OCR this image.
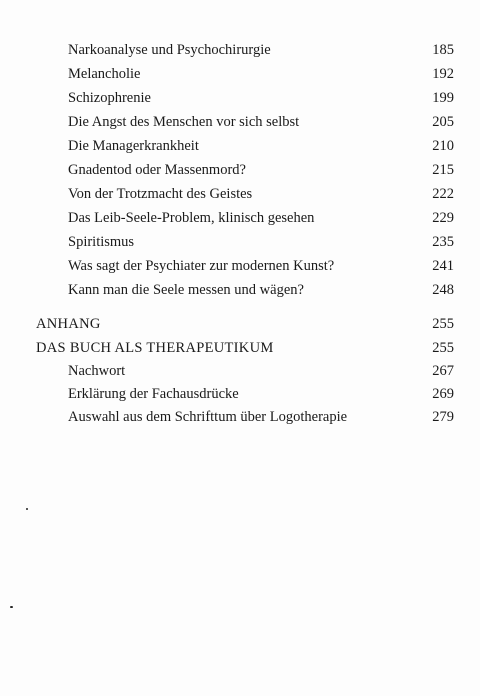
Narkoanalyse und Psychochirurgie	185
Melancholie	192
Schizophrenie	199
Die Angst des Menschen vor sich selbst	205
Die Managerkrankheit	210
Gnadentod oder Massenmord?	215
Von der Trotzmacht des Geistes	222
Das Leib-Seele-Problem, klinisch gesehen	229
Spiritismus	235
Was sagt der Psychiater zur modernen Kunst?	241
Kann man die Seele messen und wägen?	248
ANHANG	255
DAS BUCH ALS THERAPEUTIKUM	255
Nachwort	267
Erklärung der Fachausdrücke	269
Auswahl aus dem Schrifttum über Logotherapie	279
